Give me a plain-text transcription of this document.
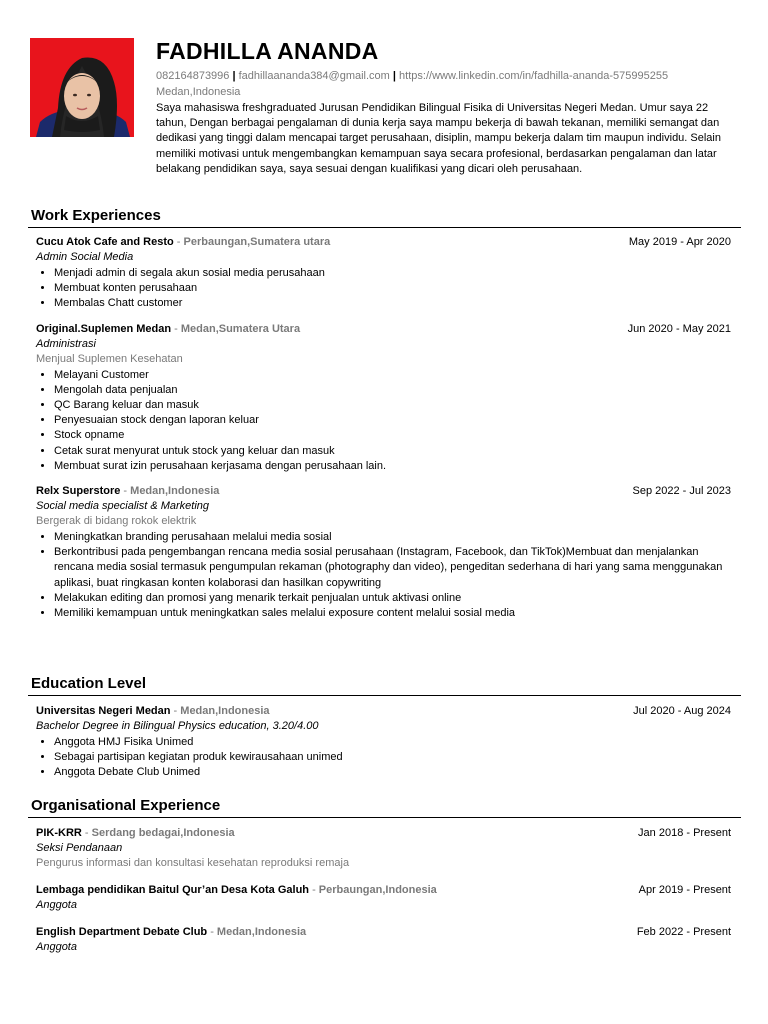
FADHILLA ANANDA
082164873996 | fadhillaananda384@gmail.com | https://www.linkedin.com/in/fadhilla-ananda-575995255
Medan,Indonesia
Saya mahasiswa freshgraduated Jurusan Pendidikan Bilingual Fisika di Universitas Negeri Medan. Umur saya 22 tahun, Dengan berbagai pengalaman di dunia kerja saya mampu bekerja di bawah tekanan, memiliki semangat dan dedikasi yang tinggi dalam mencapai target perusahaan, disiplin, mampu bekerja dalam tim maupun individu. Selain memiliki motivasi untuk mengembangkan kemampuan saya secara profesional, berdasarkan pengalaman dan latar belakang pendidikan saya, saya sesuai dengan kualifikasi yang dicari oleh perusahaan.
Work Experiences
Cucu Atok Cafe and Resto - Perbaungan,Sumatera utara	May 2019 - Apr 2020
Admin Social Media
• Menjadi admin di segala akun sosial media perusahaan
• Membuat konten perusahaan
• Membalas Chatt customer
Original.Suplemen Medan - Medan,Sumatera Utara	Jun 2020 - May 2021
Administrasi
Menjual Suplemen Kesehatan
• Melayani Customer
• Mengolah data penjualan
• QC Barang keluar dan masuk
• Penyesuaian stock dengan laporan keluar
• Stock opname
• Cetak surat menyurat untuk stock yang keluar dan masuk
• Membuat surat izin perusahaan kerjasama dengan perusahaan lain.
Relx Superstore - Medan,Indonesia	Sep 2022 - Jul 2023
Social media specialist & Marketing
Bergerak di bidang rokok elektrik
• Meningkatkan branding perusahaan melalui media sosial
• Berkontribusi pada pengembangan rencana media sosial perusahaan (Instagram, Facebook, dan TikTok)Membuat dan menjalankan rencana media sosial termasuk pengumpulan rekaman (photography dan video), pengeditan sederhana di hari yang sama menggunakan aplikasi, buat ringkasan konten kolaborasi dan hasilkan copywriting
• Melakukan editing dan promosi yang menarik terkait penjualan untuk aktivasi online
• Memiliki kemampuan untuk meningkatkan sales melalui exposure content melalui sosial media
Education Level
Universitas Negeri Medan - Medan,Indonesia	Jul 2020 - Aug 2024
Bachelor Degree in Bilingual Physics education, 3.20/4.00
• Anggota HMJ Fisika Unimed
• Sebagai partisipan kegiatan produk kewirausahaan unimed
• Anggota Debate Club Unimed
Organisational Experience
PIK-KRR - Serdang bedagai,Indonesia	Jan 2018 - Present
Seksi Pendanaan
Pengurus informasi dan konsultasi kesehatan reproduksi remaja
Lembaga pendidikan Baitul Qur’an Desa Kota Galuh - Perbaungan,Indonesia	Apr 2019 - Present
Anggota
English Department Debate Club - Medan,Indonesia	Feb 2022 - Present
Anggota
